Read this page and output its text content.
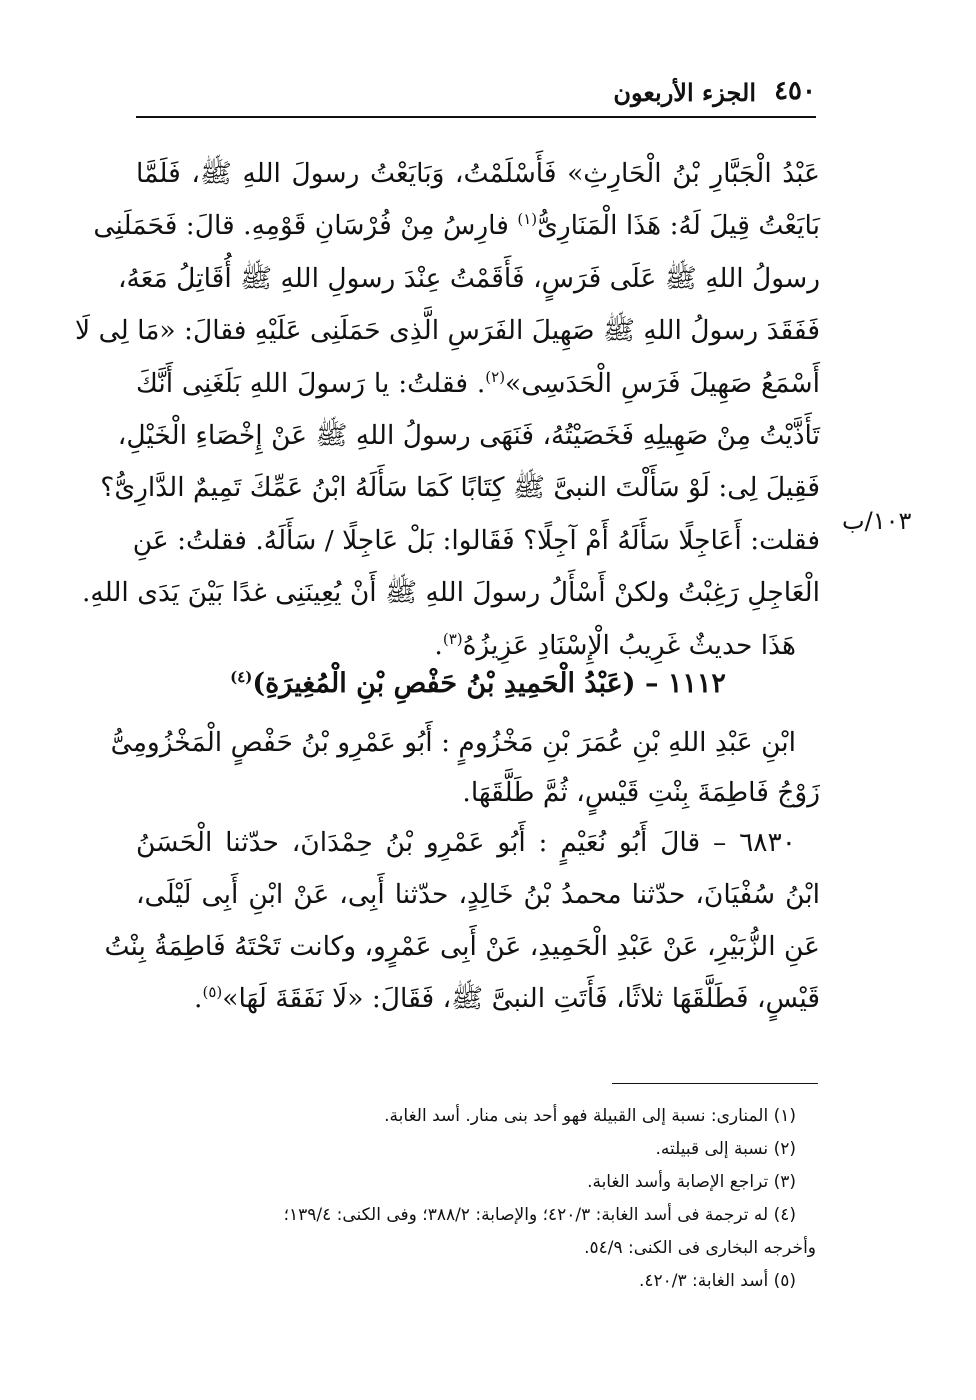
٤٥٠
الجزء الأربعون
١٠٣/ب
عَبْدُ الْجَبَّارِ بْنُ الْحَارِثِ» فَأَسْلَمْتُ، وَبَايَعْتُ رسولَ اللهِ ﷺ، فَلَمَّا
بَايَعْتُ قِيلَ لَهُ: هَذَا الْمَنَارِىُّ$^{(١)}$ فارِسُ مِنْ فُرْسَانِ قَوْمِهِ. قالَ: فَحَمَلَنِى
رسولُ اللهِ ﷺ عَلَى فَرَسٍ، فَأَقَمْتُ عِنْدَ رسولِ اللهِ ﷺ أُقَاتِلُ مَعَهُ،
فَفَقَدَ رسولُ اللهِ ﷺ صَهِيلَ الفَرَسِ الَّذِى حَمَلَنِى عَلَيْهِ فقالَ: «مَا لِى لَا
أَسْمَعُ صَهِيلَ فَرَسِ الْحَدَسِى»$^{(٢)}$. فقلتُ: يا رَسولَ اللهِ بَلَغَنِى أَنَّكَ
تَأَذَّيْتُ مِنْ صَهِيلِهِ فَخَصَيْتُهُ، فَنَهَى رسولُ اللهِ ﷺ عَنْ إِخْصَاءِ الْخَيْلِ،
فَقِيلَ لِى: لَوْ سَأَلْتَ النبىَّ ﷺ كِتَابًا كَمَا سَأَلَهُ ابْنُ عَمِّكَ تَمِيمٌ الدَّارِىُّ؟
فقلت: أَعَاجِلًا سَأَلَهُ أَمْ آجِلًا؟ فَقَالوا: بَلْ عَاجِلًا / سَأَلَهُ. فقلتُ: عَنِ
الْعَاجِلِ رَغِبْتُ ولكنْ أَسْأَلُ رسولَ اللهِ ﷺ أَنْ يُعِينَنِى غدًا بَيْنَ يَدَى اللهِ.
هَذَا حديثٌ غَرِيبُ الْإِسْنَادِ عَزِيزُهُ$^{(٣)}$.
١١١٢ – (عَبْدُ الْحَمِيدِ بْنُ حَفْصِ بْنِ الْمُغِيرَةِ)$^{(٤)}$
ابْنِ عَبْدِ اللهِ بْنِ عُمَرَ بْنِ مَخْزُومٍ : أَبُو عَمْرِو بْنُ حَفْصٍ الْمَخْزُومِىُّ
زَوْجُ فَاطِمَةَ بِنْتِ قَيْسٍ، ثُمَّ طَلَّقَهَا.
٦٨٣٠ – قالَ أَبُو نُعَيْمٍ : أَبُو عَمْرِو بْنُ حِمْدَانَ، حدّثنا الْحَسَنُ
ابْنُ سُفْيَانَ، حدّثنا محمدُ بْنُ خَالِدٍ، حدّثنا أَبِى، عَنْ ابْنِ أَبِى لَيْلَى،
عَنِ الزُّبَيْرِ، عَنْ عَبْدِ الْحَمِيدِ، عَنْ أَبِى عَمْرٍو، وكانت تَحْتَهُ فَاطِمَةُ بِنْتُ
قَيْسٍ، فَطَلَّقَهَا ثلاثًا، فَأَتَتِ النبىَّ ﷺ، فَقَالَ: «لَا نَفَقَةَ لَهَا»$^{(٥)}$.
(١) المنارى: نسبة إلى القبيلة فهو أحد بنى منار. أسد الغابة.
(٢) نسبة إلى قبيلته.
(٣) تراجع الإصابة وأسد الغابة.
(٤) له ترجمة فى أسد الغابة: ٤٢٠/٣؛ والإصابة: ٣٨٨/٢؛ وفى الكنى: ١٣٩/٤؛
وأخرجه البخارى فى الكنى: ٥٤/٩.
(٥) أسد الغابة: ٤٢٠/٣.
